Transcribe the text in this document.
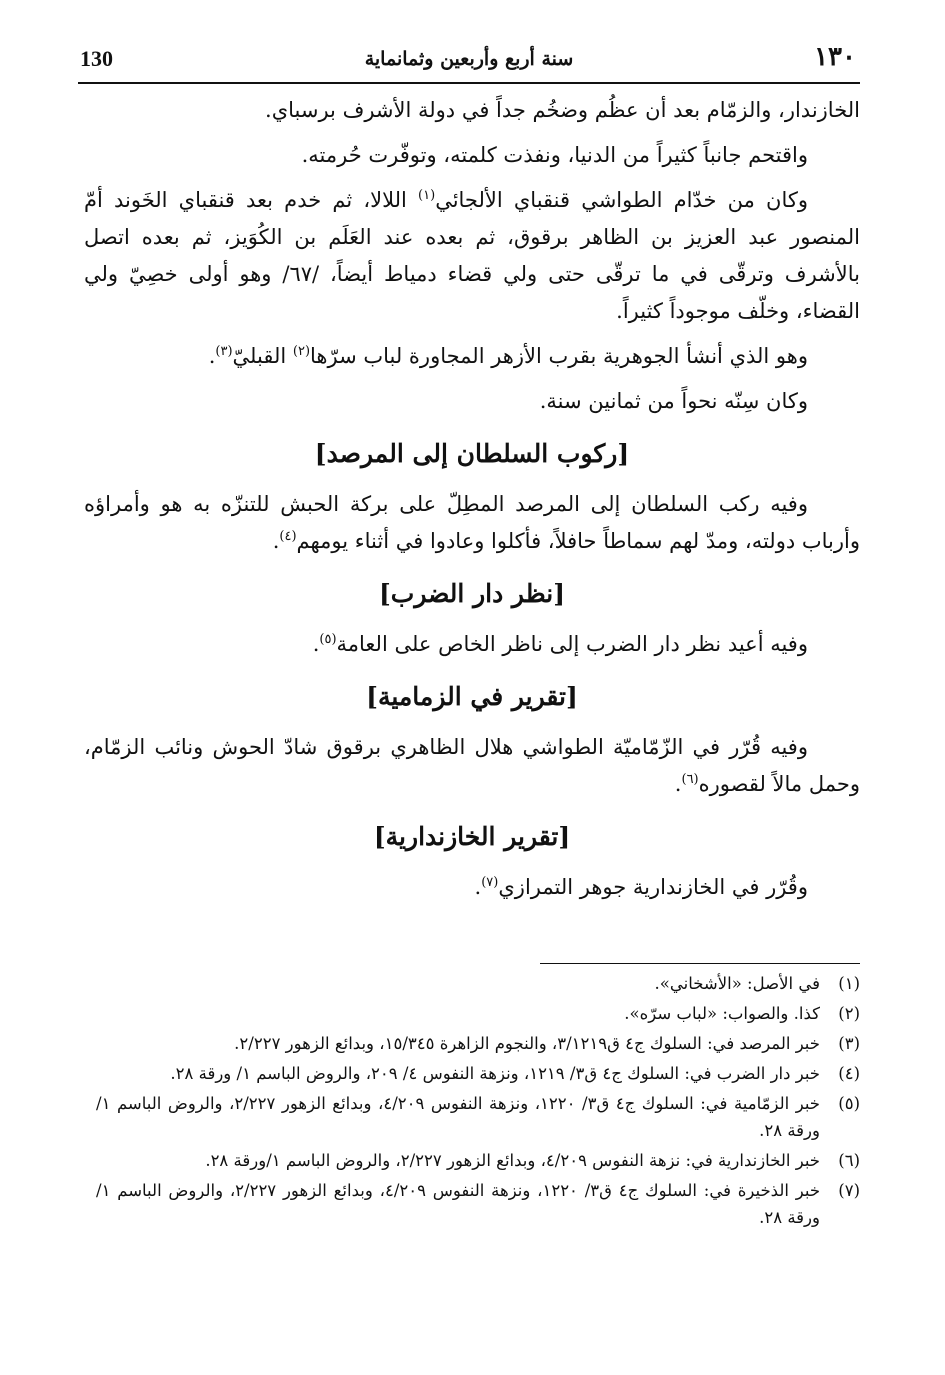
130	سنة أربع وأربعين وثمانماية	١٣٠

الخازندار، والزمّام بعد أن عظُم وضخُم جداً في دولة الأشرف برسباي.

واقتحم جانباً كثيراً من الدنيا، ونفذت كلمته، وتوفّرت حُرمته.

وكان من خدّام الطواشي قنقباي الألجائي$^{(١)}$ اللالا، ثم خدم بعد قنقباي الخَوند أمّ المنصور عبد العزيز بن الظاهر برقوق، ثم بعده عند العَلَم بن الكُوَيز، ثم بعده اتصل بالأشرف وترقّى في ما ترقّى حتى ولي قضاء دمياط أيضاً، /٦٧/ وهو أولى خصِيّ ولي القضاء، وخلّف موجوداً كثيراً.

وهو الذي أنشأ الجوهرية بقرب الأزهر المجاورة لباب سرّها$^{(٢)}$ القبليّ$^{(٣)}$.

وكان سِنّه نحواً من ثمانين سنة.

[ركوب السلطان إلى المرصد]

وفيه ركب السلطان إلى المرصد المطِلّ على بركة الحبش للتنزّه به هو وأمراؤه وأرباب دولته، ومدّ لهم سماطاً حافلاً، فأكلوا وعادوا في أثناء يومهم$^{(٤)}$.

[نظر دار الضرب]

وفيه أعيد نظر دار الضرب إلى ناظر الخاص على العامة$^{(٥)}$.

[تقرير في الزمامية]

وفيه قُرّر في الزّمّاميّة الطواشي هلال الظاهري برقوق شادّ الحوش ونائب الزمّام، وحمل مالاً لقصوره$^{(٦)}$.

[تقرير الخازندارية]

وقُرّر في الخازندارية جوهر التمرازي$^{(٧)}$.

(١)
في الأصل: «الأشخاني».
(٢)
كذا. والصواب: «لباب سرّه».
(٣)
خبر المرصد في: السلوك ج٤ ق٣/١٢١٩، والنجوم الزاهرة ١٥/٣٤٥، وبدائع الزهور ٢/٢٢٧.
(٤)
خبر دار الضرب في: السلوك ج٤ ق٣/ ١٢١٩، ونزهة النفوس ٤/ ٢٠٩، والروض الباسم ١/ ورقة ٢٨.
(٥)
خبر الزمّامية في: السلوك ج٤ ق٣/ ١٢٢٠، ونزهة النفوس ٤/٢٠٩، وبدائع الزهور ٢/٢٢٧، والروض الباسم ١/ورقة ٢٨.
(٦)
خبر الخازندارية في: نزهة النفوس ٤/٢٠٩، وبدائع الزهور ٢/٢٢٧، والروض الباسم ١/ورقة ٢٨.
(٧)
خبر الذخيرة في: السلوك ج٤ ق٣/ ١٢٢٠، ونزهة النفوس ٤/٢٠٩، وبدائع الزهور ٢/٢٢٧، والروض الباسم ١/ورقة ٢٨.
